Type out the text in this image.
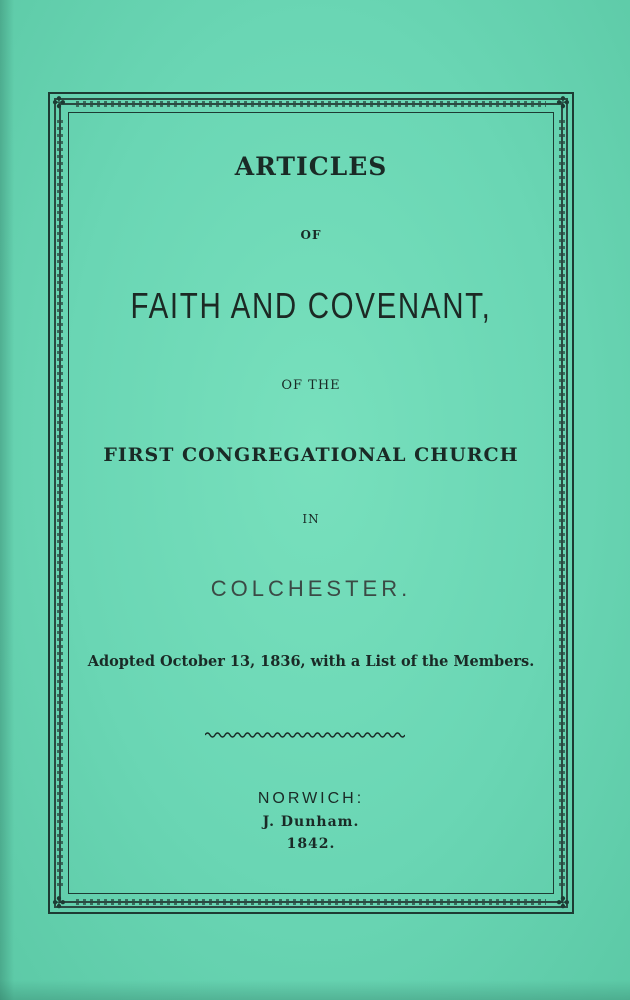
✤	✤
✤	✤
ARTICLES
OF
FAITH AND COVENANT,
OF THE
FIRST CONGREGATIONAL CHURCH
IN
COLCHESTER.
Adopted October 13, 1836, with a List of the Members.
NORWICH:
J. Dunham.
1842.
